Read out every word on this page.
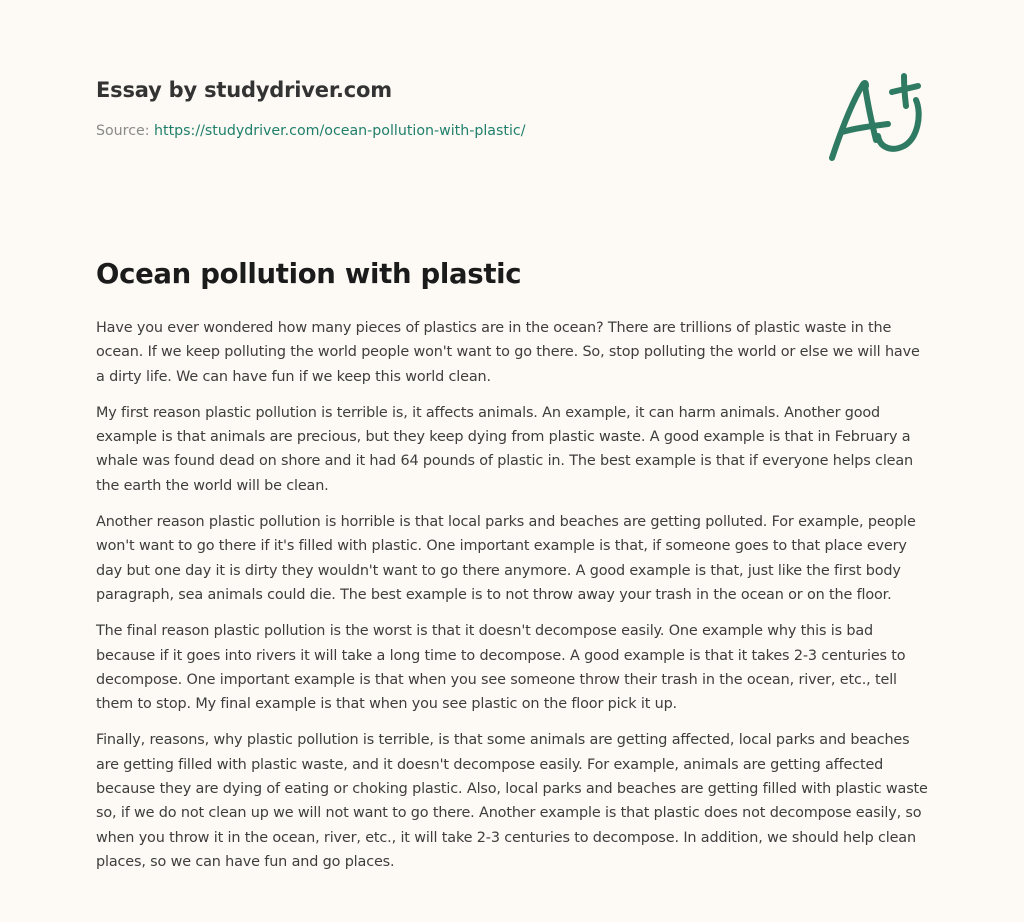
Essay by studydriver.com
Source: https://studydriver.com/ocean-pollution-with-plastic/
Ocean pollution with plastic

Have you ever wondered how many pieces of plastics are in the ocean? There are trillions of plastic waste in the ocean. If we keep polluting the world people won't want to go there. So, stop polluting the world or else we will have a dirty life. We can have fun if we keep this world clean.

My first reason plastic pollution is terrible is, it affects animals. An example, it can harm animals. Another good example is that animals are precious, but they keep dying from plastic waste. A good example is that in February a whale was found dead on shore and it had 64 pounds of plastic in. The best example is that if everyone helps clean the earth the world will be clean.

Another reason plastic pollution is horrible is that local parks and beaches are getting polluted. For example, people won't want to go there if it's filled with plastic. One important example is that, if someone goes to that place every day but one day it is dirty they wouldn't want to go there anymore. A good example is that, just like the first body paragraph, sea animals could die. The best example is to not throw away your trash in the ocean or on the floor.

The final reason plastic pollution is the worst is that it doesn't decompose easily. One example why this is bad because if it goes into rivers it will take a long time to decompose. A good example is that it takes 2-3 centuries to decompose. One important example is that when you see someone throw their trash in the ocean, river, etc., tell them to stop. My final example is that when you see plastic on the floor pick it up.

Finally, reasons, why plastic pollution is terrible, is that some animals are getting affected, local parks and beaches are getting filled with plastic waste, and it doesn't decompose easily. For example, animals are getting affected because they are dying of eating or choking plastic. Also, local parks and beaches are getting filled with plastic waste so, if we do not clean up we will not want to go there. Another example is that plastic does not decompose easily, so when you throw it in the ocean, river, etc., it will take 2-3 centuries to decompose. In addition, we should help clean places, so we can have fun and go places.
